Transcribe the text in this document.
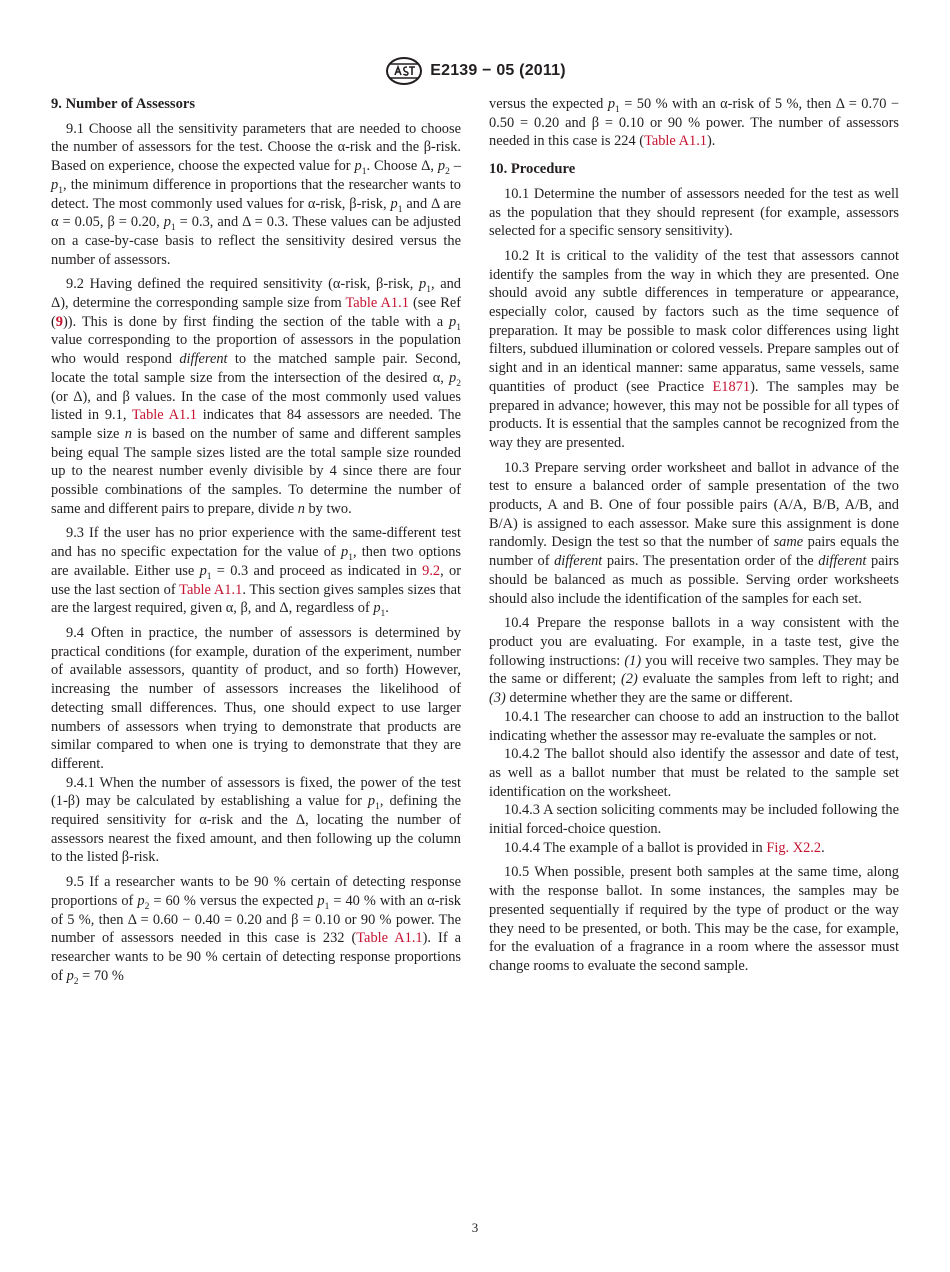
E2139 − 05 (2011)
9. Number of Assessors

9.1 Choose all the sensitivity parameters that are needed to choose the number of assessors for the test. Choose the α-risk and the β-risk. Based on experience, choose the expected value for $p_1$. Choose Δ, $p_2 - p_1$, the minimum difference in proportions that the researcher wants to detect. The most commonly used values for α-risk, β-risk, $p_1$ and Δ are α = 0.05, β = 0.20, $p_1 = 0.3$, and Δ = 0.3. These values can be adjusted on a case-by-case basis to reflect the sensitivity desired versus the number of assessors.

9.2 Having defined the required sensitivity (α-risk, β-risk, $p_1$, and Δ), determine the corresponding sample size from Table A1.1 (see Ref (9)). This is done by first finding the section of the table with a $p_1$ value corresponding to the proportion of assessors in the population who would respond different to the matched sample pair. Second, locate the total sample size from the intersection of the desired α, $p_2$ (or Δ), and β values. In the case of the most commonly used values listed in 9.1, Table A1.1 indicates that 84 assessors are needed. The sample size n is based on the number of same and different samples being equal The sample sizes listed are the total sample size rounded up to the nearest number evenly divisible by 4 since there are four possible combinations of the samples. To determine the number of same and different pairs to prepare, divide n by two.

9.3 If the user has no prior experience with the same-different test and has no specific expectation for the value of $p_1$, then two options are available. Either use $p_1 = 0.3$ and proceed as indicated in 9.2, or use the last section of Table A1.1. This section gives samples sizes that are the largest required, given α, β, and Δ, regardless of $p_1$.

9.4 Often in practice, the number of assessors is determined by practical conditions (for example, duration of the experiment, number of available assessors, quantity of product, and so forth) However, increasing the number of assessors increases the likelihood of detecting small differences. Thus, one should expect to use larger numbers of assessors when trying to demonstrate that products are similar compared to when one is trying to demonstrate that they are different.

9.4.1 When the number of assessors is fixed, the power of the test (1-β) may be calculated by establishing a value for $p_1$, defining the required sensitivity for α-risk and the Δ, locating the number of assessors nearest the fixed amount, and then following up the column to the listed β-risk.

9.5 If a researcher wants to be 90 % certain of detecting response proportions of $p_2 = 60$ % versus the expected $p_1 = 40$ % with an α-risk of 5 %, then Δ = 0.60 − 0.40 = 0.20 and β = 0.10 or 90 % power. The number of assessors needed in this case is 232 (Table A1.1). If a researcher wants to be 90 % certain of detecting response proportions of $p_2 = 70$ %

versus the expected $p_1 = 50$ % with an α-risk of 5 %, then Δ = 0.70 − 0.50 = 0.20 and β = 0.10 or 90 % power. The number of assessors needed in this case is 224 (Table A1.1).

10. Procedure

10.1 Determine the number of assessors needed for the test as well as the population that they should represent (for example, assessors selected for a specific sensory sensitivity).

10.2 It is critical to the validity of the test that assessors cannot identify the samples from the way in which they are presented. One should avoid any subtle differences in temperature or appearance, especially color, caused by factors such as the time sequence of preparation. It may be possible to mask color differences using light filters, subdued illumination or colored vessels. Prepare samples out of sight and in an identical manner: same apparatus, same vessels, same quantities of product (see Practice E1871). The samples may be prepared in advance; however, this may not be possible for all types of products. It is essential that the samples cannot be recognized from the way they are presented.

10.3 Prepare serving order worksheet and ballot in advance of the test to ensure a balanced order of sample presentation of the two products, A and B. One of four possible pairs (A/A, B/B, A/B, and B/A) is assigned to each assessor. Make sure this assignment is done randomly. Design the test so that the number of same pairs equals the number of different pairs. The presentation order of the different pairs should be balanced as much as possible. Serving order worksheets should also include the identification of the samples for each set.

10.4 Prepare the response ballots in a way consistent with the product you are evaluating. For example, in a taste test, give the following instructions: (1) you will receive two samples. They may be the same or different; (2) evaluate the samples from left to right; and (3) determine whether they are the same or different.

10.4.1 The researcher can choose to add an instruction to the ballot indicating whether the assessor may re-evaluate the samples or not.

10.4.2 The ballot should also identify the assessor and date of test, as well as a ballot number that must be related to the sample set identification on the worksheet.

10.4.3 A section soliciting comments may be included following the initial forced-choice question.

10.4.4 The example of a ballot is provided in Fig. X2.2.

10.5 When possible, present both samples at the same time, along with the response ballot. In some instances, the samples may be presented sequentially if required by the type of product or the way they need to be presented, or both. This may be the case, for example, for the evaluation of a fragrance in a room where the assessor must change rooms to evaluate the second sample.

3
